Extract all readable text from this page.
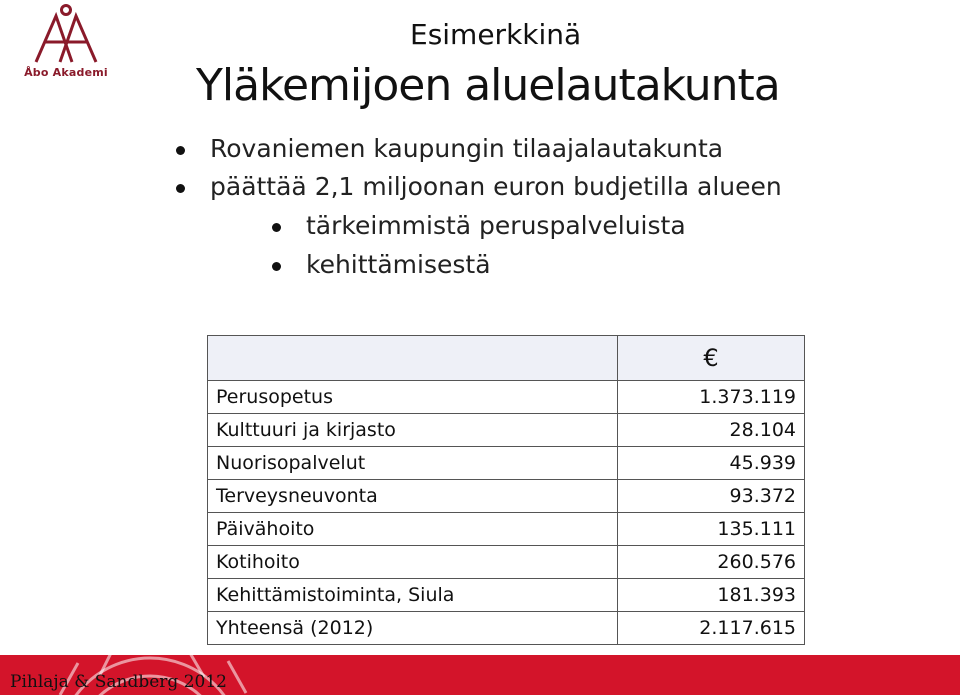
Åbo Akademi
Esimerkkinä
Yläkemijoen aluelautakunta
Rovaniemen kaupungin tilaajalautakunta
päättää 2,1 miljoonan euron budjetilla alueen
tärkeimmistä peruspalveluista
kehittämisestä
	€
Perusopetus	1.373.119
Kulttuuri ja kirjasto	28.104
Nuorisopalvelut	45.939
Terveysneuvonta	93.372
Päivähoito	135.111
Kotihoito	260.576
Kehittämistoiminta, Siula	181.393
Yhteensä (2012)	2.117.615
Pihlaja & Sandberg 2012
